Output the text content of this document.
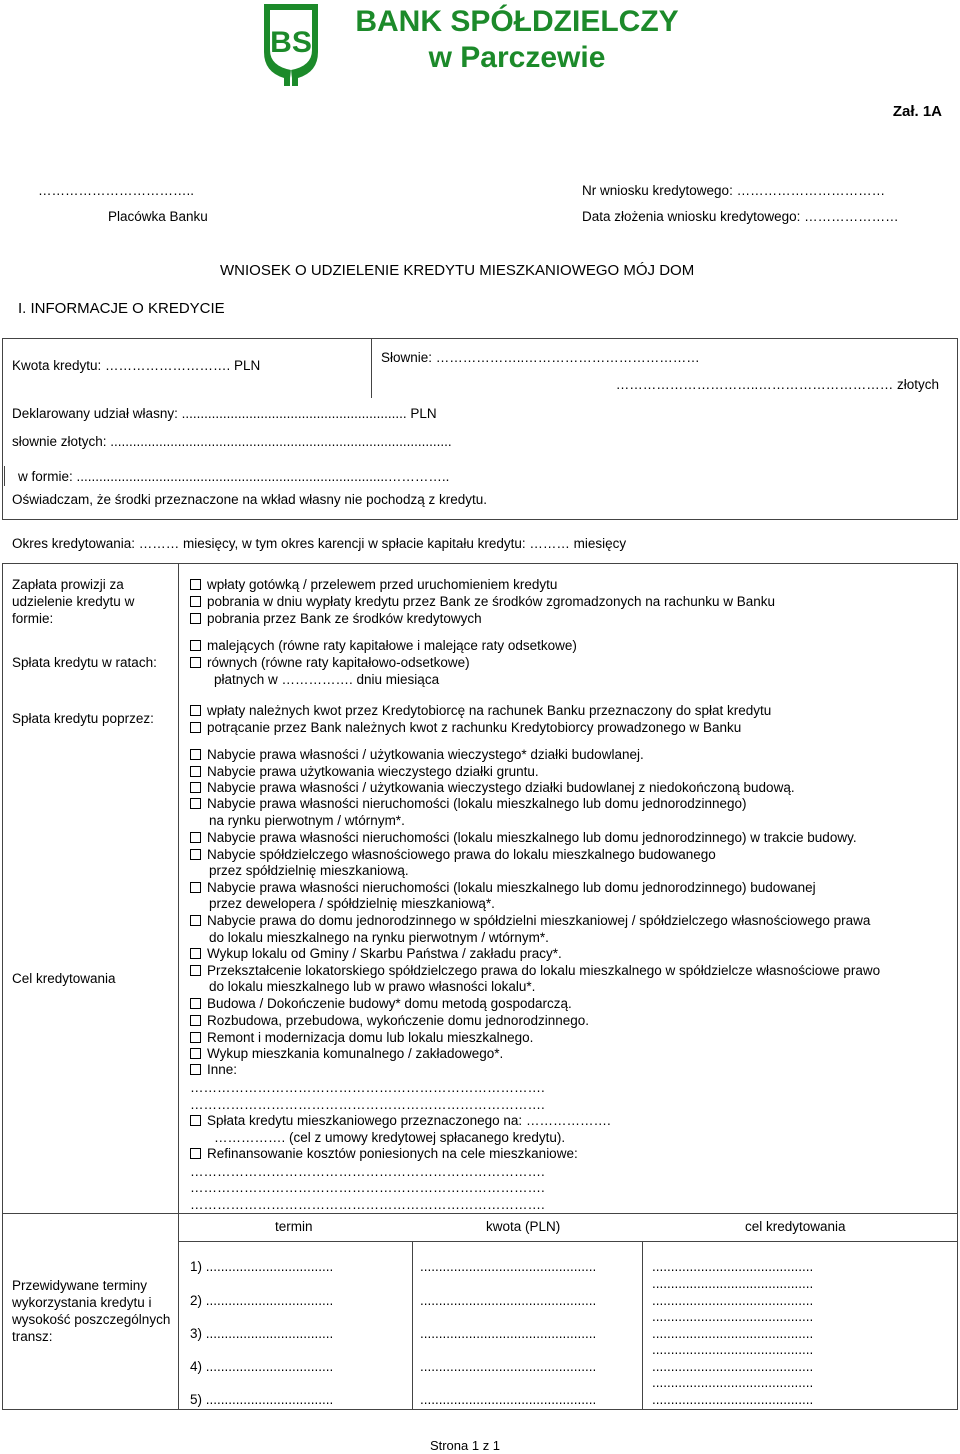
BS
BANK SPÓŁDZIELCZY
w Parczewie
Zał. 1A
……………………………..
Placówka Banku
Nr wniosku kredytowego: ……………………………
Data złożenia wniosku kredytowego: …………………
WNIOSEK O UDZIELENIE KREDYTU MIESZKANIOWEGO MÓJ DOM
I. INFORMACJE O KREDYCIE
Kwota kredytu: ………………………. PLN
Słownie: ………………..…………………………………
…………………………..………………………… złotych
Deklarowany udział własny: ............................................................ PLN
słownie złotych: ...........................................................................................
w formie: ...................................................................................…………..
Oświadczam, że środki przeznaczone na wkład własny nie pochodzą z kredytu.
Okres kredytowania: ……… miesięcy, w tym okres karencji w spłacie kapitału kredytu: ……… miesięcy
Zapłata prowizji za udzielenie kredytu w formie:
wpłaty gotówką / przelewem przed uruchomieniem kredytu
pobrania w dniu wypłaty kredytu przez Bank ze środków zgromadzonych na rachunku w Banku
pobrania przez Bank ze środków kredytowych
Spłata kredytu w ratach:
malejących (równe raty kapitałowe i malejące raty odsetkowe)
równych (równe raty kapitałowo-odsetkowe)
płatnych w ……………. dniu miesiąca
Spłata kredytu poprzez:
wpłaty należnych kwot przez Kredytobiorcę na rachunek Banku przeznaczony do spłat kredytu
potrącanie przez Bank należnych kwot z rachunku Kredytobiorcy prowadzonego w Banku
Cel kredytowania
Nabycie prawa własności / użytkowania wieczystego* działki budowlanej.
Nabycie prawa użytkowania wieczystego działki gruntu.
Nabycie prawa własności / użytkowania wieczystego działki budowlanej z niedokończoną budową.
Nabycie prawa własności nieruchomości (lokalu mieszkalnego lub domu jednorodzinnego)
na rynku pierwotnym / wtórnym*.
Nabycie prawa własności nieruchomości (lokalu mieszkalnego lub domu jednorodzinnego) w trakcie budowy.
Nabycie spółdzielczego własnościowego prawa do lokalu mieszkalnego budowanego
przez spółdzielnię mieszkaniową.
Nabycie prawa własności nieruchomości (lokalu mieszkalnego lub domu jednorodzinnego) budowanej
przez dewelopera / spółdzielnię mieszkaniową*.
Nabycie prawa do domu jednorodzinnego w spółdzielni mieszkaniowej / spółdzielczego własnościowego prawa
do lokalu mieszkalnego na rynku pierwotnym / wtórnym*.
Wykup lokalu od Gminy / Skarbu Państwa / zakładu pracy*.
Przekształcenie lokatorskiego spółdzielczego prawa do lokalu mieszkalnego w spółdzielcze własnościowe prawo
do lokalu mieszkalnego lub w prawo własności lokalu*.
Budowa / Dokończenie budowy* domu metodą gospodarczą.
Rozbudowa, przebudowa, wykończenie domu jednorodzinnego.
Remont i modernizacja domu lub lokalu mieszkalnego.
Wykup mieszkania komunalnego / zakładowego*.
Inne:
…………………………………………………………………….
…………………………………………………………………….
Spłata kredytu mieszkaniowego przeznaczonego na: ……………….
……………. (cel z umowy kredytowej spłacanego kredytu).
Refinansowanie kosztów poniesionych na cele mieszkaniowe:
…………………………………………………………………….
…………………………………………………………………….
…………………………………………………………………….
termin	kwota (PLN)	cel kredytowania
Przewidywane terminy wykorzystania kredytu i wysokość poszczególnych transz:
1) ..................................
2) ..................................
3) ..................................
4) ..................................
5) ..................................
...............................................
...............................................
...............................................
...............................................
...............................................
...........................................
...........................................
...........................................
...........................................
...........................................
...........................................
...........................................
...........................................
...........................................
Strona 1 z 1
